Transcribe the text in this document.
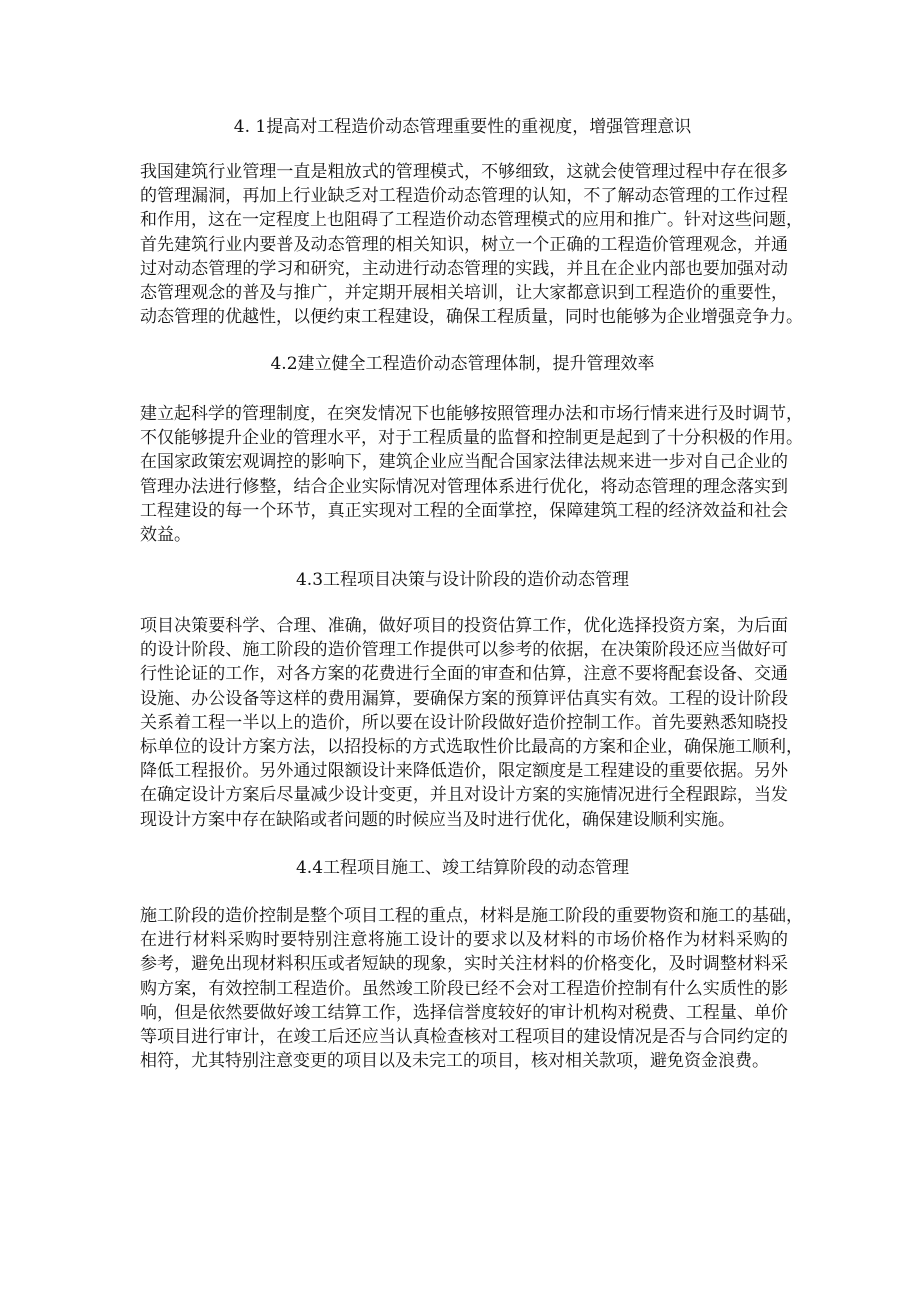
4. 1提高对工程造价动态管理重要性的重视度，增强管理意识
我国建筑行业管理一直是粗放式的管理模式，不够细致，这就会使管理过程中存在很多
的管理漏洞，再加上行业缺乏对工程造价动态管理的认知，不了解动态管理的工作过程
和作用，这在一定程度上也阻碍了工程造价动态管理模式的应用和推广。针对这些问题，
首先建筑行业内要普及动态管理的相关知识，树立一个正确的工程造价管理观念，并通
过对动态管理的学习和研究，主动进行动态管理的实践，并且在企业内部也要加强对动
态管理观念的普及与推广，并定期开展相关培训，让大家都意识到工程造价的重要性，
动态管理的优越性，以便约束工程建设，确保工程质量，同时也能够为企业增强竞争力。
4.2建立健全工程造价动态管理体制，提升管理效率
建立起科学的管理制度，在突发情况下也能够按照管理办法和市场行情来进行及时调节，
不仅能够提升企业的管理水平，对于工程质量的监督和控制更是起到了十分积极的作用。
在国家政策宏观调控的影响下，建筑企业应当配合国家法律法规来进一步对自己企业的
管理办法进行修整，结合企业实际情况对管理体系进行优化，将动态管理的理念落实到
工程建设的每一个环节，真正实现对工程的全面掌控，保障建筑工程的经济效益和社会
效益。
4.3工程项目决策与设计阶段的造价动态管理
项目决策要科学、合理、准确，做好项目的投资估算工作，优化选择投资方案，为后面
的设计阶段、施工阶段的造价管理工作提供可以参考的依据，在决策阶段还应当做好可
行性论证的工作，对各方案的花费进行全面的审查和估算，注意不要将配套设备、交通
设施、办公设备等这样的费用漏算，要确保方案的预算评估真实有效。工程的设计阶段
关系着工程一半以上的造价，所以要在设计阶段做好造价控制工作。首先要熟悉知晓投
标单位的设计方案方法，以招投标的方式选取性价比最高的方案和企业，确保施工顺利，
降低工程报价。另外通过限额设计来降低造价，限定额度是工程建设的重要依据。另外
在确定设计方案后尽量减少设计变更，并且对设计方案的实施情况进行全程跟踪，当发
现设计方案中存在缺陷或者问题的时候应当及时进行优化，确保建设顺利实施。
4.4工程项目施工、竣工结算阶段的动态管理
施工阶段的造价控制是整个项目工程的重点，材料是施工阶段的重要物资和施工的基础，
在进行材料采购时要特别注意将施工设计的要求以及材料的市场价格作为材料采购的
参考，避免出现材料积压或者短缺的现象，实时关注材料的价格变化，及时调整材料采
购方案，有效控制工程造价。虽然竣工阶段已经不会对工程造价控制有什么实质性的影
响，但是依然要做好竣工结算工作，选择信誉度较好的审计机构对税费、工程量、单价
等项目进行审计，在竣工后还应当认真检查核对工程项目的建设情况是否与合同约定的
相符，尤其特别注意变更的项目以及未完工的项目，核对相关款项，避免资金浪费。
